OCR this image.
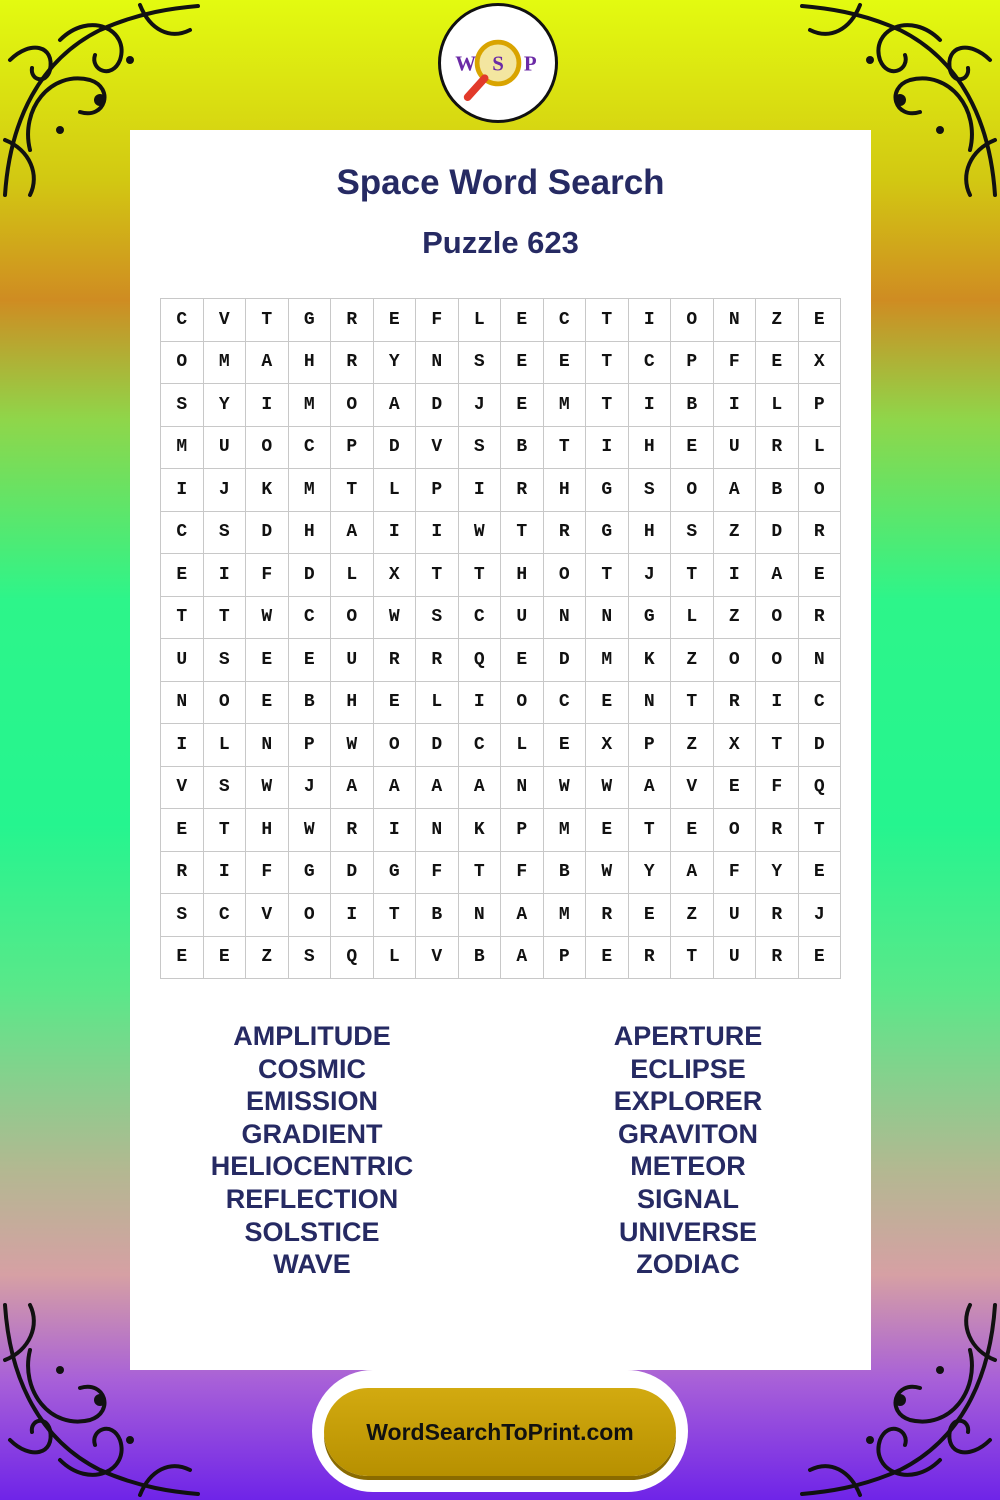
W S P
Space Word Search
Puzzle 623
C	V	T	G	R	E	F	L	E	C	T	I	O	N	Z	E
O	M	A	H	R	Y	N	S	E	E	T	C	P	F	E	X
S	Y	I	M	O	A	D	J	E	M	T	I	B	I	L	P
M	U	O	C	P	D	V	S	B	T	I	H	E	U	R	L
I	J	K	M	T	L	P	I	R	H	G	S	O	A	B	O
C	S	D	H	A	I	I	W	T	R	G	H	S	Z	D	R
E	I	F	D	L	X	T	T	H	O	T	J	T	I	A	E
T	T	W	C	O	W	S	C	U	N	N	G	L	Z	O	R
U	S	E	E	U	R	R	Q	E	D	M	K	Z	O	O	N
N	O	E	B	H	E	L	I	O	C	E	N	T	R	I	C
I	L	N	P	W	O	D	C	L	E	X	P	Z	X	T	D
V	S	W	J	A	A	A	A	N	W	W	A	V	E	F	Q
E	T	H	W	R	I	N	K	P	M	E	T	E	O	R	T
R	I	F	G	D	G	F	T	F	B	W	Y	A	F	Y	E
S	C	V	O	I	T	B	N	A	M	R	E	Z	U	R	J
E	E	Z	S	Q	L	V	B	A	P	E	R	T	U	R	E
AMPLITUDE
COSMIC
EMISSION
GRADIENT
HELIOCENTRIC
REFLECTION
SOLSTICE
WAVE
APERTURE
ECLIPSE
EXPLORER
GRAVITON
METEOR
SIGNAL
UNIVERSE
ZODIAC
WordSearchToPrint.com
